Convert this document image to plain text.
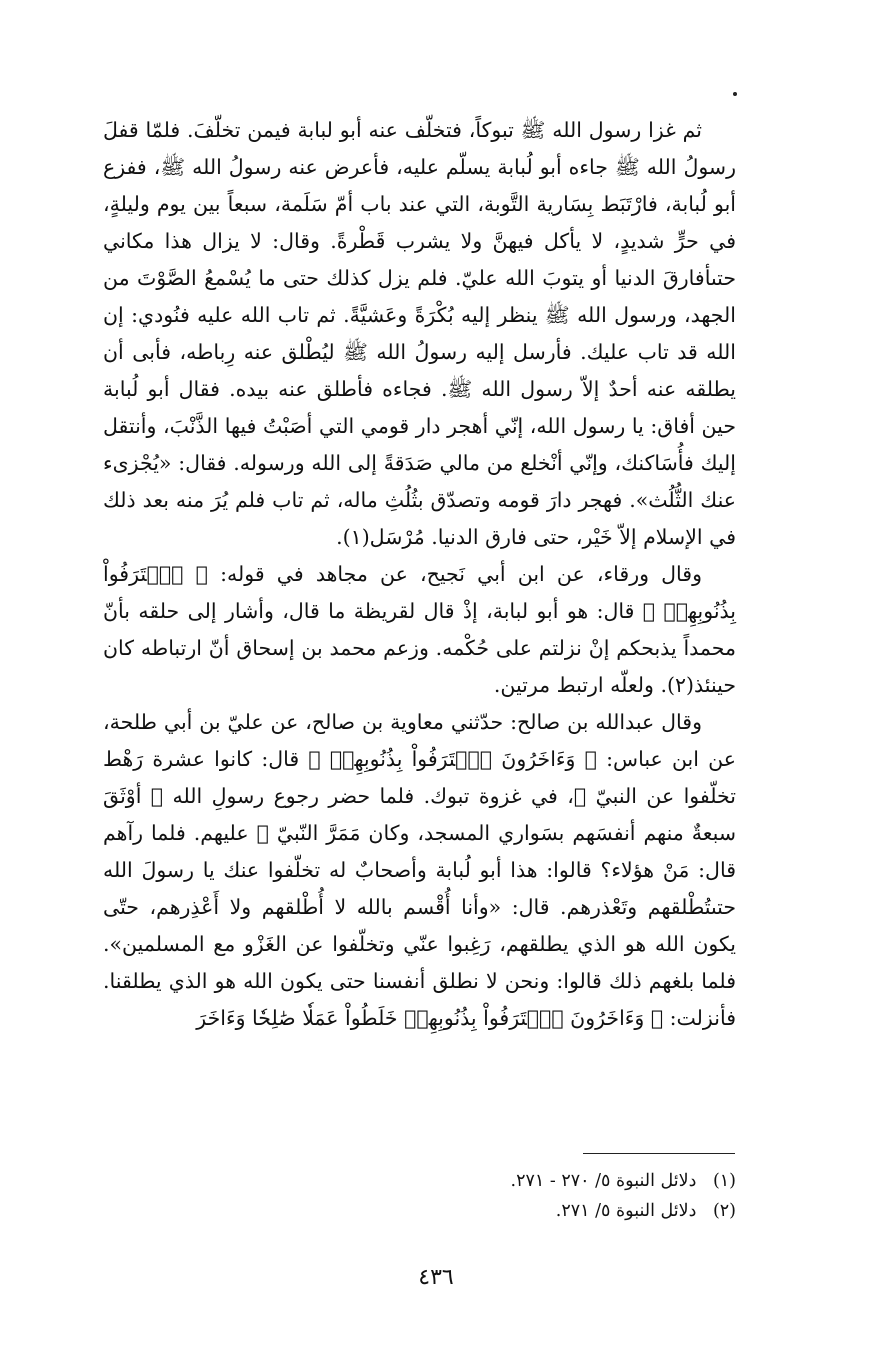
ثم غزا رسول الله ﷺ تبوكاً، فتخلّف عنه أبو لبابة فيمن تخلّفَ. فلمّا قفلَ رسولُ الله ﷺ جاءه أبو لُبابة يسلّم عليه، فأعرض عنه رسولُ الله ﷺ، ففزع أبو لُبابة، فارْتَبَط بِسَارية التَّوبة، التي عند باب أمّ سَلَمة، سبعاً بين يوم وليلةٍ، في حرٍّ شديدٍ، لا يأكل فيهنَّ ولا يشرب قَطْرةً. وقال: لا يزال هذا مكاني حتىأفارقَ الدنيا أو يتوبَ الله عليّ. فلم يزل كذلك حتى ما يُسْمعُ الصَّوْتَ من الجهد، ورسول الله ﷺ ينظر إليه بُكْرَةً وعَشيَّةً. ثم تاب الله عليه فنُودي: إن الله قد تاب عليك. فأرسل إليه رسولُ الله ﷺ ليُطْلق عنه رِباطه، فأبى أن يطلقه عنه أحدٌ إلاّ رسول الله ﷺ. فجاءه فأطلق عنه بيده. فقال أبو لُبابة حين أفاق: يا رسول الله، إنّي أهجر دار قومي التي أصَبْتُ فيها الذَّنْبَ، وأنتقل إليك فأُسَاكنك، وإنّي أنْخلع من مالي صَدَقةً إلى الله ورسوله. فقال: «يُجْزىء عنك الثُّلُث». فهجر دارَ قومه وتصدّق بثُلُثِ ماله، ثم تاب فلم يُرَ منه بعد ذلك في الإسلام إلاّ خَيْر، حتى فارق الدنيا. مُرْسَل(١).

وقال ورقاء، عن ابن أبي نَجيح، عن مجاهد في قوله: ﴿ ٱعۡتَرَفُواْ بِذُنُوبِهِمۡ ﴾ قال: هو أبو لبابة، إذْ قال لقريظة ما قال، وأشار إلى حلقه بأنّ محمداً يذبحكم إنْ نزلتم على حُكْمه. وزعم محمد بن إسحاق أنّ ارتباطه كان حينئذ(٢). ولعلّه ارتبط مرتين.

وقال عبدالله بن صالح: حدّثني معاوية بن صالح، عن عليّ بن أبي طلحة، عن ابن عباس: ﴿ وَءَاخَرُونَ ٱعۡتَرَفُواْ بِذُنُوبِهِمۡ ﴾ قال: كانوا عشرة رَهْط تخلّفوا عن النبيّ ﷺ، في غزوة تبوك. فلما حضر رجوع رسولِ الله ﷺ أوْثَقَ سبعةٌ منهم أنفسَهم بسَواري المسجد، وكان مَمَرَّ النّبيّ ﷺ عليهم. فلما رآهم قال: مَنْ هؤلاء؟ قالوا: هذا أبو لُبابة وأصحابٌ له تخلّفوا عنك يا رسولَ الله حتىتُطْلقهم وتَعْذرهم. قال: «وأنا أُقْسم بالله لا أُطْلقهم ولا أَعْذِرهم، حتّى يكون الله هو الذي يطلقهم، رَغِبوا عنّي وتخلّفوا عن الغَزْو مع المسلمين». فلما بلغهم ذلك قالوا: ونحن لا نطلق أنفسنا حتى يكون الله هو الذي يطلقنا. فأنزلت: ﴿ وَءَاخَرُونَ ٱعۡتَرَفُواْ بِذُنُوبِهِمۡ خَلَطُواْ عَمَلٗا صَٰلِحٗا وَءَاخَرَ

(١) دلائل النبوة ٥/ ٢٧٠ - ٢٧١.
(٢) دلائل النبوة ٥/ ٢٧١.
٤٣٦
